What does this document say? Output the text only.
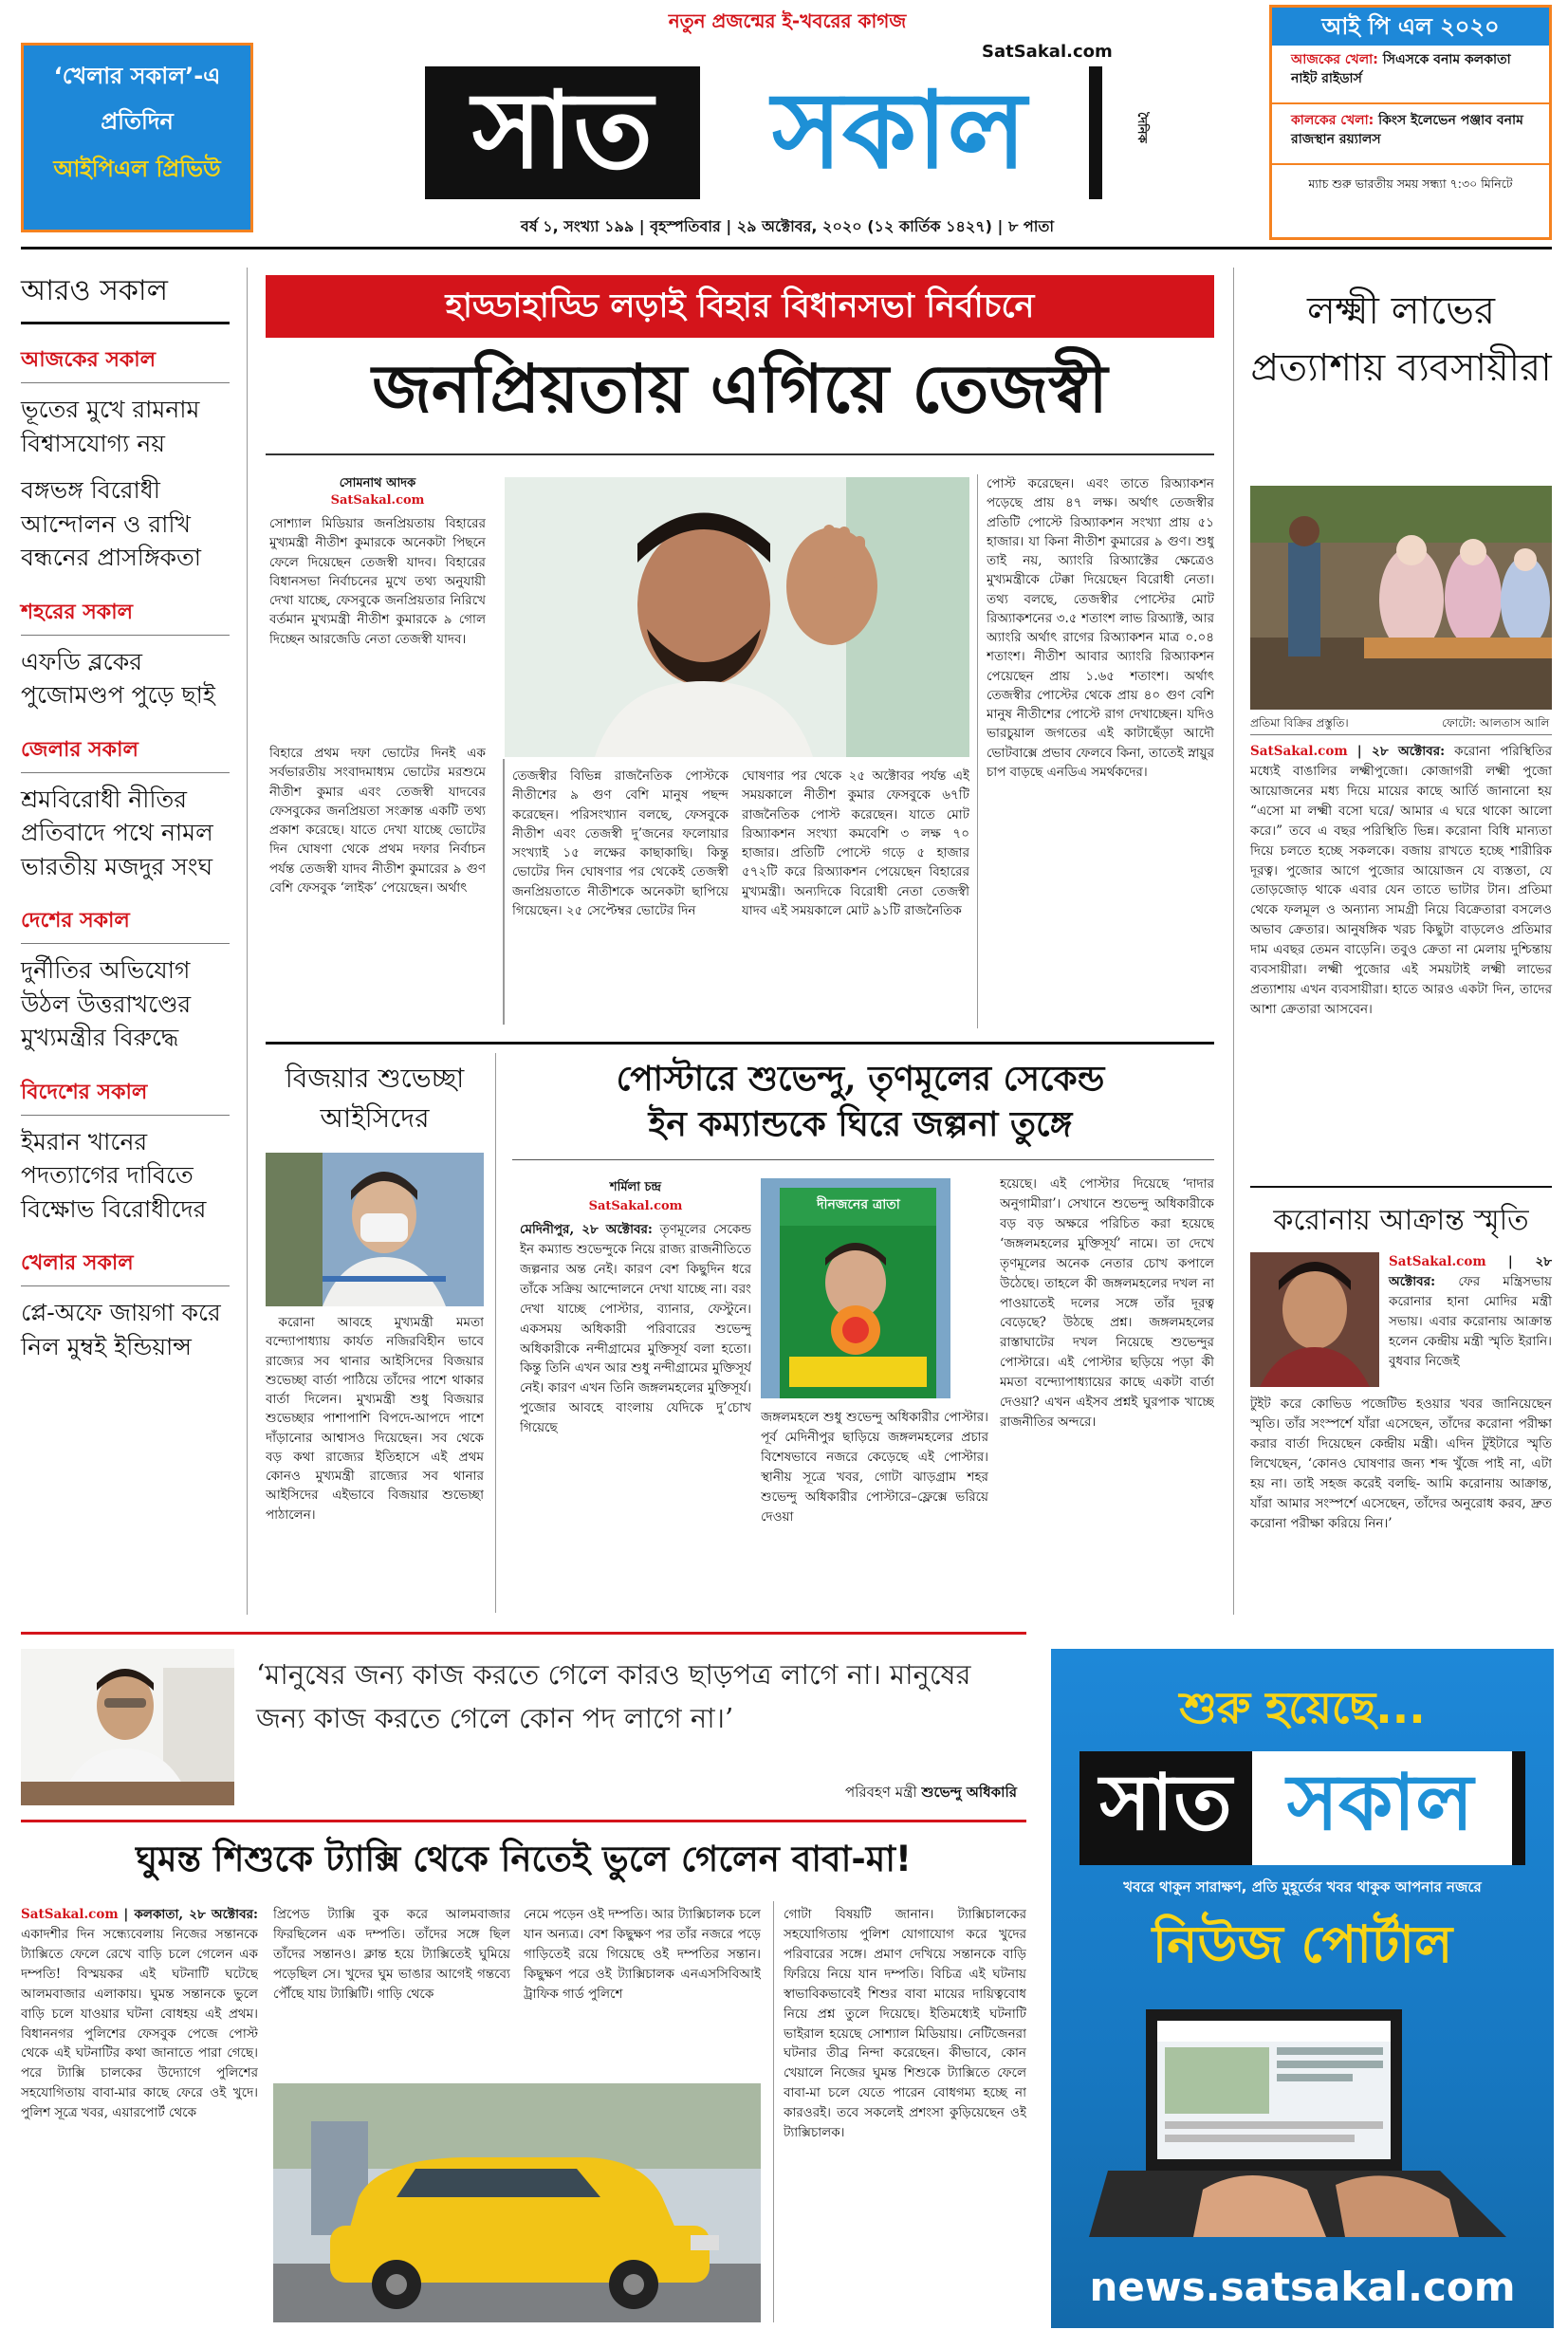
নতুন প্রজন্মের ই-খবরের কাগজ
‘খেলার সকাল’-এ
প্রতিদিন
আইপিএল প্রিভিউ	সাত	সকাল
SatSakal.com
দৈনিক
আই পি এল ২০২০
আজকের খেলা: সিএসকে বনাম কলকাতা নাইট রাইডার্স
কালকের খেলা: কিংস ইলেভেন পঞ্জাব বনাম রাজস্থান রয়্যালস
ম্যাচ শুরু ভারতীয় সময় সন্ধ্যা ৭:৩০ মিনিটে
বর্ষ ১, সংখ্যা ১৯৯ | বৃহস্পতিবার | ২৯ অক্টোবর, ২০২০ (১২ কার্তিক ১৪২৭) | ৮ পাতা
আরও সকাল
আজকের সকাল
ভূতের মুখে রামনাম বিশ্বাসযোগ্য নয়
বঙ্গভঙ্গ বিরোধী আন্দোলন ও রাখি বন্ধনের প্রাসঙ্গিকতা
শহরের সকাল
এফডি ব্লকের পুজোমণ্ডপ পুড়ে ছাই
জেলার সকাল
শ্রমবিরোধী নীতির প্রতিবাদে পথে নামল ভারতীয় মজদুর সংঘ
দেশের সকাল
দুর্নীতির অভিযোগ উঠল উত্তরাখণ্ডের মুখ্যমন্ত্রীর বিরুদ্ধে
বিদেশের সকাল
ইমরান খানের পদত্যাগের দাবিতে বিক্ষোভ বিরোধীদের
খেলার সকাল
প্লে-অফে জায়গা করে নিল মুম্বই ইন্ডিয়ান্স
হাড্ডাহাড্ডি লড়াই বিহার বিধানসভা নির্বাচনে
জনপ্রিয়তায় এগিয়ে তেজস্বী
সোমনাথ আদক
SatSakal.com
সোশ্যাল মিডিয়ার জনপ্রিয়তায় বিহারের মুখ্যমন্ত্রী নীতীশ কুমারকে অনেকটা পিছনে ফেলে দিয়েছেন তেজস্বী যাদব। বিহারের বিধানসভা নির্বাচনের মুখে তথ্য অনুযায়ী দেখা যাচ্ছে, ফেসবুকে জনপ্রিয়তার নিরিখে বর্তমান মুখ্যমন্ত্রী নীতীশ কুমারকে ৯ গোল দিচ্ছেন আরজেডি নেতা তেজস্বী যাদব।
বিহারে প্রথম দফা ভোটের দিনই এক সর্বভারতীয় সংবাদমাধ্যম ভোটের মরশুমে নীতীশ কুমার এবং তেজস্বী যাদবের ফেসবুকের জনপ্রিয়তা সংক্রান্ত একটি তথ্য প্রকাশ করেছে। যাতে দেখা যাচ্ছে ভোটের দিন ঘোষণা থেকে প্রথম দফার নির্বাচন পর্যন্ত তেজস্বী যাদব নীতীশ কুমারের ৯ গুণ বেশি ফেসবুক ‘লাইক’ পেয়েছেন। অর্থাৎ
তেজস্বীর বিভিন্ন রাজনৈতিক পোস্টকে নীতীশের ৯ গুণ বেশি মানুষ পছন্দ করেছেন। পরিসংখ্যান বলছে, ফেসবুকে নীতীশ এবং তেজস্বী দু’জনের ফলোয়ার সংখ্যাই ১৫ লক্ষের কাছাকাছি। কিন্তু ভোটের দিন ঘোষণার পর থেকেই তেজস্বী জনপ্রিয়তাতে নীতীশকে অনেকটা ছাপিয়ে গিয়েছেন। ২৫ সেপ্টেম্বর ভোটের দিন
ঘোষণার পর থেকে ২৫ অক্টোবর পর্যন্ত এই সময়কালে নীতীশ কুমার ফেসবুকে ৬৭টি রাজনৈতিক পোস্ট করেছেন। যাতে মোট রিঅ্যাকশন সংখ্যা কমবেশি ৩ লক্ষ ৭০ হাজার। প্রতিটি পোস্টে গড়ে ৫ হাজার ৫৭২টি করে রিঅ্যাকশন পেয়েছেন বিহারের মুখ্যমন্ত্রী। অন্যদিকে বিরোধী নেতা তেজস্বী যাদব এই সময়কালে মোট ৯১টি রাজনৈতিক
পোস্ট করেছেন। এবং তাতে রিঅ্যাকশন পড়েছে প্রায় ৪৭ লক্ষ। অর্থাৎ তেজস্বীর প্রতিটি পোস্টে রিঅ্যাকশন সংখ্যা প্রায় ৫১ হাজার। যা কিনা নীতীশ কুমারের ৯ গুণ। শুধু তাই নয়, অ্যাংরি রিঅ্যাক্টের ক্ষেত্রেও মুখ্যমন্ত্রীকে টেক্কা দিয়েছেন বিরোধী নেতা। তথ্য বলছে, তেজস্বীর পোস্টের মোট রিঅ্যাকশনের ৩.৫ শতাংশ লাভ রিঅ্যাক্ট, আর অ্যাংরি অর্থাৎ রাগের রিঅ্যাকশন মাত্র ০.০৪ শতাংশ। নীতীশ আবার অ্যাংরি রিঅ্যাকশন পেয়েছেন প্রায় ১.৬৫ শতাংশ। অর্থাৎ তেজস্বীর পোস্টের থেকে প্রায় ৪০ গুণ বেশি মানুষ নীতীশের পোস্টে রাগ দেখাচ্ছেন। যদিও ভারচুয়াল জগতের এই কাটাছেঁড়া আদৌ ভোটবাক্সে প্রভাব ফেলবে কিনা, তাতেই স্নায়ুর চাপ বাড়ছে এনডিএ সমর্থকদের।
লক্ষ্মী লাভের প্রত্যাশায় ব্যবসায়ীরা
প্রতিমা বিক্রির প্রস্তুতি।	ফোটো: আলতাস আলি
SatSakal.com | ২৮ অক্টোবর: করোনা পরিস্থিতির মধ্যেই বাঙালির লক্ষ্মীপুজো। কোজাগরী লক্ষ্মী পুজো আয়োজনের মধ্য দিয়ে মায়ের কাছে আর্তি জানানো হয় “এসো মা লক্ষ্মী বসো ঘরে/ আমার এ ঘরে থাকো আলো করে।” তবে এ বছর পরিস্থিতি ভিন্ন। করোনা বিধি মান্যতা দিয়ে চলতে হচ্ছে সকলকে। বজায় রাখতে হচ্ছে শারীরিক দূরত্ব। পুজোর আগে পুজোর আয়োজন যে ব্যস্ততা, যে তোড়জোড় থাকে এবার যেন তাতে ভাটার টান। প্রতিমা থেকে ফলমূল ও অন্যান্য সামগ্রী নিয়ে বিক্রেতারা বসলেও অভাব ক্রেতার। আনুষঙ্গিক খরচ কিছুটা বাড়লেও প্রতিমার দাম এবছর তেমন বাড়েনি। তবুও ক্রেতা না মেলায় দুশ্চিন্তায় ব্যবসায়ীরা। লক্ষ্মী পুজোর এই সময়টাই লক্ষ্মী লাভের প্রত্যাশায় এখন ব্যবসায়ীরা। হাতে আরও একটা দিন, তাদের আশা ক্রেতারা আসবেন।
করোনায় আক্রান্ত স্মৃতি
SatSakal.com | ২৮ অক্টোবর: ফের মন্ত্রিসভায় করোনার হানা মোদির মন্ত্রী সভায়। এবার করোনায় আক্রান্ত হলেন কেন্দ্রীয় মন্ত্রী স্মৃতি ইরানি। বুধবার নিজেই
টুইট করে কোভিড পজেটিভ হওয়ার খবর জানিয়েছেন স্মৃতি। তাঁর সংস্পর্শে যাঁরা এসেছেন, তাঁদের করোনা পরীক্ষা করার বার্তা দিয়েছেন কেন্দ্রীয় মন্ত্রী। এদিন টুইটারে স্মৃতি লিখেছেন, ‘কোনও ঘোষণার জন্য শব্দ খুঁজে পাই না, এটা হয় না। তাই সহজ করেই বলছি- আমি করোনায় আক্রান্ত, যাঁরা আমার সংস্পর্শে এসেছেন, তাঁদের অনুরোধ করব, দ্রুত করোনা পরীক্ষা করিয়ে নিন।’
বিজয়ার শুভেচ্ছা আইসিদের
করোনা আবহে মুখ্যমন্ত্রী মমতা বন্দ্যোপাধ্যায় কার্যত নজিরবিহীন ভাবে রাজ্যের সব থানার আইসিদের বিজয়ার শুভেচ্ছা বার্তা পাঠিয়ে তাঁদের পাশে থাকার বার্তা দিলেন। মুখ্যমন্ত্রী শুধু বিজয়ার শুভেচ্ছার পাশাপাশি বিপদে-আপদে পাশে দাঁড়ানোর আশ্বাসও দিয়েছেন। সব থেকে বড় কথা রাজ্যের ইতিহাসে এই প্রথম কোনও মুখ্যমন্ত্রী রাজ্যের সব থানার আইসিদের এইভাবে বিজয়ার শুভেচ্ছা পাঠালেন।
পোস্টারে শুভেন্দু, তৃণমূলের সেকেন্ড
ইন কম্যান্ডকে ঘিরে জল্পনা তুঙ্গে
শর্মিলা চন্দ্র
SatSakal.com
মেদিনীপুর, ২৮ অক্টোবর: তৃণমূলের সেকেন্ড ইন কম্যান্ড শুভেন্দুকে নিয়ে রাজ্য রাজনীতিতে জল্পনার অন্ত নেই। কারণ বেশ কিছুদিন ধরে তাঁকে সক্রিয় আন্দোলনে দেখা যাচ্ছে না। বরং দেখা যাচ্ছে পোস্টার, ব্যানার, ফেস্টুনে। একসময় অধিকারী পরিবারের শুভেন্দু অধিকারীকে নন্দীগ্রামের মুক্তিসূর্য বলা হতো। কিন্তু তিনি এখন আর শুধু নন্দীগ্রামের মুক্তিসূর্য নেই। কারণ এখন তিনি জঙ্গলমহলের মুক্তিসূর্য। পুজোর আবহে বাংলায় যেদিকে দু’চোখ গিয়েছে
দীনজনের ত্রাতা
জঙ্গলমহলে শুধু শুভেন্দু অধিকারীর পোস্টার। পূর্ব মেদিনীপুর ছাড়িয়ে জঙ্গলমহলের প্রচার বিশেষভাবে নজরে কেড়েছে এই পোস্টার। স্থানীয় সূত্রে খবর, গোটা ঝাড়গ্রাম শহর শুভেন্দু অধিকারীর পোস্টারে–ফ্লেক্সে ভরিয়ে দেওয়া
হয়েছে। এই পোস্টার দিয়েছে ‘দাদার অনুগামীরা’। সেখানে শুভেন্দু অধিকারীকে বড় বড় অক্ষরে পরিচিত করা হয়েছে ‘জঙ্গলমহলের মুক্তিসূর্য’ নামে। তা দেখে তৃণমূলের অনেক নেতার চোখ কপালে উঠেছে। তাহলে কী জঙ্গলমহলের দখল না পাওয়াতেই দলের সঙ্গে তাঁর দূরত্ব বেড়েছে? উঠছে প্রশ্ন। জঙ্গলমহলের রাস্তাঘাটের দখল নিয়েছে শুভেন্দুর পোস্টারে। এই পোস্টার ছড়িয়ে পড়া কী মমতা বন্দ্যোপাধ্যায়ের কাছে একটা বার্তা দেওয়া? এখন এইসব প্রশ্নই ঘুরপাক খাচ্ছে রাজনীতির অন্দরে।
‘মানুষের জন্য কাজ করতে গেলে কারও ছাড়পত্র লাগে না। মানুষের জন্য কাজ করতে গেলে কোন পদ লাগে না।’
পরিবহণ মন্ত্রী শুভেন্দু অধিকারি
ঘুমন্ত শিশুকে ট্যাক্সি থেকে নিতেই ভুলে গেলেন বাবা-মা!
SatSakal.com | কলকাতা, ২৮ অক্টোবর: একাদশীর দিন সন্ধ্যেবেলায় নিজের সন্তানকে ট্যাক্সিতে ফেলে রেখে বাড়ি চলে গেলেন এক দম্পতি! বিস্ময়কর এই ঘটনাটি ঘটেছে আলমবাজার এলাকায়। ঘুমন্ত সন্তানকে ভুলে বাড়ি চলে যাওয়ার ঘটনা বোধহয় এই প্রথম। বিধাননগর পুলিশের ফেসবুক পেজে পোস্ট থেকে এই ঘটনাটির কথা জানাতে পারা গেছে। পরে ট্যাক্সি চালকের উদ্যোগে পুলিশের সহযোগিতায় বাবা-মার কাছে ফেরে ওই খুদে। পুলিশ সূত্রে খবর, এয়ারপোর্ট থেকে
প্রিপেড ট্যাক্সি বুক করে আলমবাজার ফিরছিলেন এক দম্পতি। তাঁদের সঙ্গে ছিল তাঁদের সন্তানও। ক্লান্ত হয়ে ট্যাক্সিতেই ঘুমিয়ে পড়েছিল সে। খুদের ঘুম ভাঙার আগেই গন্তব্যে পৌঁছে যায় ট্যাক্সিটি। গাড়ি থেকে
নেমে পড়েন ওই দম্পতি। আর ট্যাক্সিচালক চলে যান অন্যত্র। বেশ কিছুক্ষণ পর তাঁর নজরে পড়ে গাড়িতেই রয়ে গিয়েছে ওই দম্পতির সন্তান। কিছুক্ষণ পরে ওই ট্যাক্সিচালক এনএসসিবিআই ট্রাফিক গার্ড পুলিশে
গোটা বিষয়টি জানান। ট্যাক্সিচালকের সহযোগিতায় পুলিশ যোগাযোগ করে খুদের পরিবারের সঙ্গে। প্রমাণ দেখিয়ে সন্তানকে বাড়ি ফিরিয়ে নিয়ে যান দম্পতি। বিচিত্র এই ঘটনায় স্বাভাবিকভাবেই শিশুর বাবা মায়ের দায়িত্ববোধ নিয়ে প্রশ্ন তুলে দিয়েছে। ইতিমধ্যেই ঘটনাটি ভাইরাল হয়েছে সোশ্যাল মিডিয়ায়। নেটিজেনরা ঘটনার তীব্র নিন্দা করেছেন। কীভাবে, কোন খেয়ালে নিজের ঘুমন্ত শিশুকে ট্যাক্সিতে ফেলে বাবা-মা চলে যেতে পারেন বোধগম্য হচ্ছে না কারওরই। তবে সকলেই প্রশংসা কুড়িয়েছেন ওই ট্যাক্সিচালক।
শুরু হয়েছে...
সাত সকাল
খবরে থাকুন সারাক্ষণ, প্রতি মুহূর্তের খবর থাকুক আপনার নজরে
নিউজ পোর্টাল
news.satsakal.com
